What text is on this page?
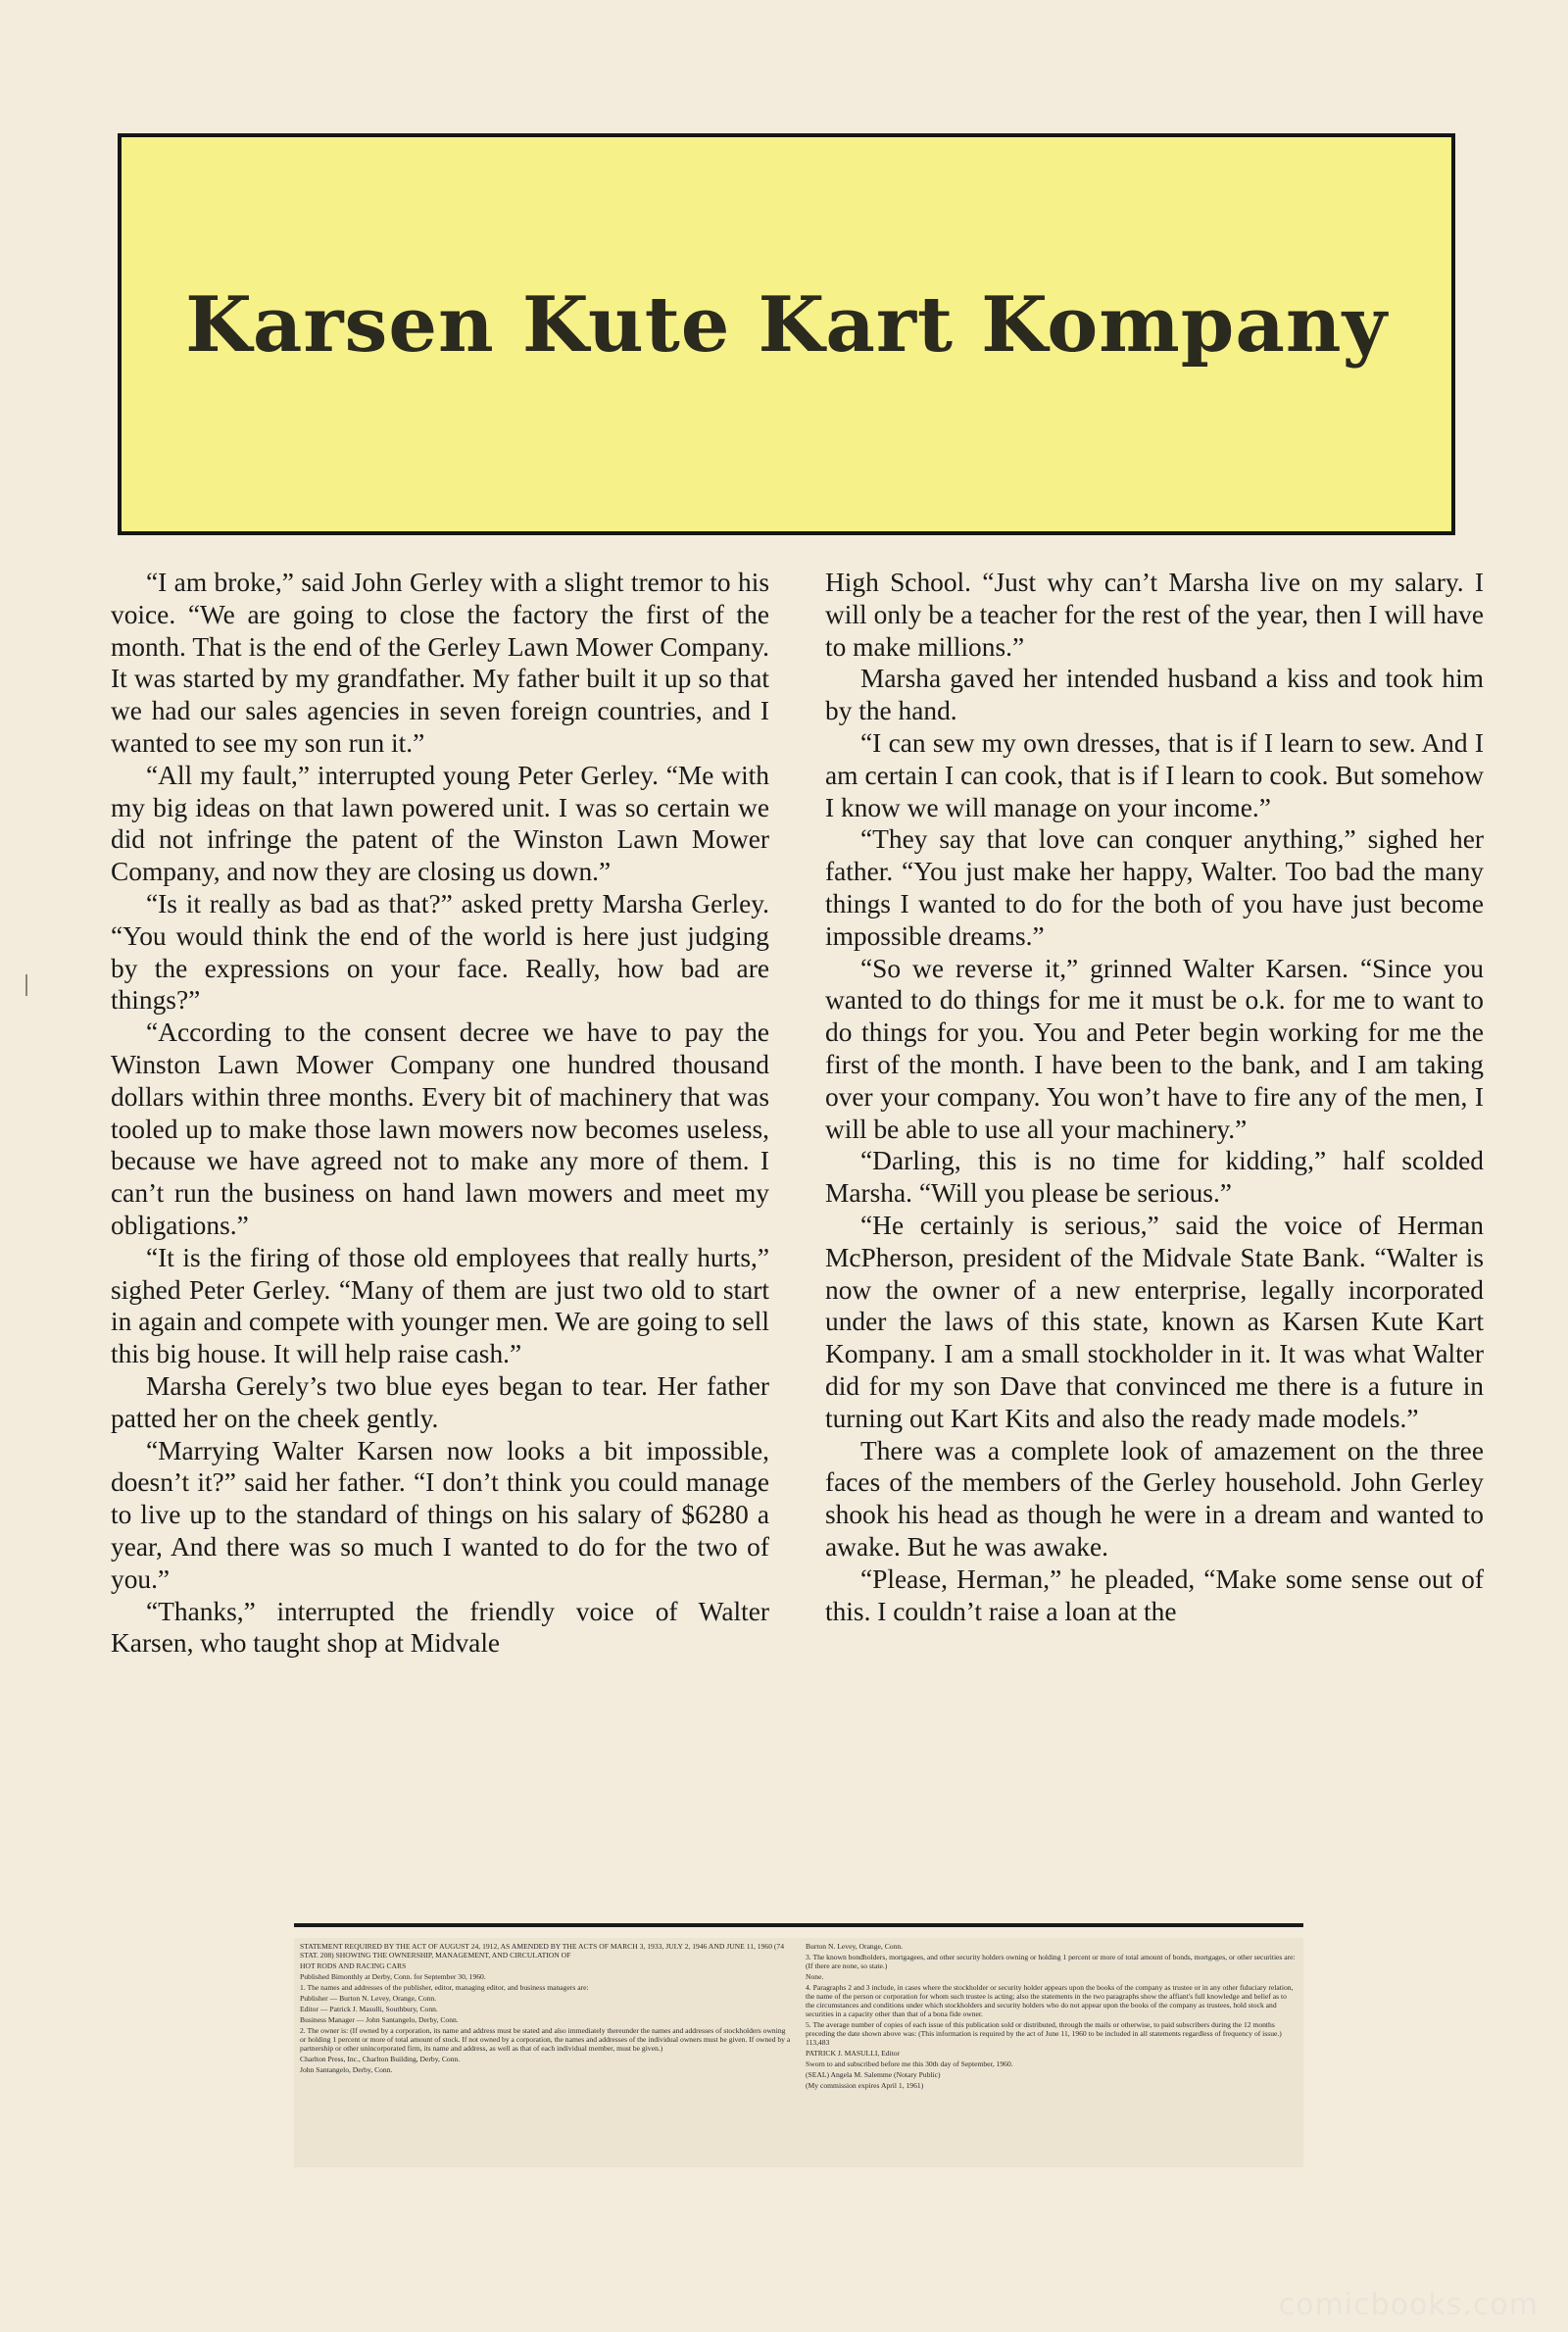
Karsen Kute Kart Kompany

“I am broke,” said John Gerley with a slight tremor to his voice. “We are going to close the factory the first of the month. That is the end of the Gerley Lawn Mower Company. It was started by my grandfather. My father built it up so that we had our sales agencies in seven foreign countries, and I wanted to see my son run it.”

“All my fault,” interrupted young Peter Gerley. “Me with my big ideas on that lawn powered unit. I was so certain we did not infringe the patent of the Winston Lawn Mower Company, and now they are closing us down.”

“Is it really as bad as that?” asked pretty Marsha Gerley. “You would think the end of the world is here just judging by the expressions on your face. Really, how bad are things?”

“According to the consent decree we have to pay the Winston Lawn Mower Company one hundred thousand dollars within three months. Every bit of machinery that was tooled up to make those lawn mowers now becomes useless, because we have agreed not to make any more of them. I can’t run the business on hand lawn mowers and meet my obligations.”

“It is the firing of those old employees that really hurts,” sighed Peter Gerley. “Many of them are just two old to start in again and compete with younger men. We are going to sell this big house. It will help raise cash.”

Marsha Gerely’s two blue eyes began to tear. Her father patted her on the cheek gently.

“Marrying Walter Karsen now looks a bit impossible, doesn’t it?” said her father. “I don’t think you could manage to live up to the standard of things on his salary of $6280 a year, And there was so much I wanted to do for the two of you.”

“Thanks,” interrupted the friendly voice of Walter Karsen, who taught shop at Midvale

High School. “Just why can’t Marsha live on my salary. I will only be a teacher for the rest of the year, then I will have to make millions.”

Marsha gaved her intended husband a kiss and took him by the hand.

“I can sew my own dresses, that is if I learn to sew. And I am certain I can cook, that is if I learn to cook. But somehow I know we will manage on your income.”

“They say that love can conquer anything,” sighed her father. “You just make her happy, Walter. Too bad the many things I wanted to do for the both of you have just become impossible dreams.”

“So we reverse it,” grinned Walter Karsen. “Since you wanted to do things for me it must be o.k. for me to want to do things for you. You and Peter begin working for me the first of the month. I have been to the bank, and I am taking over your company. You won’t have to fire any of the men, I will be able to use all your machinery.”

“Darling, this is no time for kidding,” half scolded Marsha. “Will you please be serious.”

“He certainly is serious,” said the voice of Herman McPherson, president of the Midvale State Bank. “Walter is now the owner of a new enterprise, legally incorporated under the laws of this state, known as Karsen Kute Kart Kompany. I am a small stockholder in it. It was what Walter did for my son Dave that convinced me there is a future in turning out Kart Kits and also the ready made models.”

There was a complete look of amazement on the three faces of the members of the Gerley household. John Gerley shook his head as though he were in a dream and wanted to awake. But he was awake.

“Please, Herman,” he pleaded, “Make some sense out of this. I couldn’t raise a loan at the

STATEMENT REQUIRED BY THE ACT OF AUGUST 24, 1912, AS AMENDED BY THE ACTS OF MARCH 3, 1933, JULY 2, 1946 AND JUNE 11, 1960 (74 STAT. 208) SHOWING THE OWNERSHIP, MANAGEMENT, AND CIRCULATION OF

HOT RODS AND RACING CARS

Published Bimonthly at Derby, Conn. for September 30, 1960.

1. The names and addresses of the publisher, editor, managing editor, and business managers are:

Publisher — Burton N. Levey, Orange, Conn.

Editor — Patrick J. Masulli, Southbury, Conn.

Business Manager — John Santangelo, Derby, Conn.

2. The owner is: (If owned by a corporation, its name and address must be stated and also immediately thereunder the names and addresses of stockholders owning or holding 1 percent or more of total amount of stock. If not owned by a corporation, the names and addresses of the individual owners must be given. If owned by a partnership or other unincorporated firm, its name and address, as well as that of each individual member, must be given.)

Charlton Press, Inc., Charlton Building, Derby, Conn.

John Santangelo, Derby, Conn.

Burton N. Levey, Orange, Conn.

3. The known bondholders, mortgagees, and other security holders owning or holding 1 percent or more of total amount of bonds, mortgages, or other securities are: (If there are none, so state.)

None.

4. Paragraphs 2 and 3 include, in cases where the stockholder or security holder appears upon the books of the company as trustee or in any other fiduciary relation, the name of the person or corporation for whom such trustee is acting; also the statements in the two paragraphs show the affiant's full knowledge and belief as to the circumstances and conditions under which stockholders and security holders who do not appear upon the books of the company as trustees, hold stock and securities in a capacity other than that of a bona fide owner.

5. The average number of copies of each issue of this publication sold or distributed, through the mails or otherwise, to paid subscribers during the 12 months preceding the date shown above was: (This information is required by the act of June 11, 1960 to be included in all statements regardless of frequency of issue.) 113,483

PATRICK J. MASULLI, Editor

Sworn to and subscribed before me this 30th day of September, 1960.

(SEAL) Angela M. Salemme (Notary Public)

(My commission expires April 1, 1961)

comicbooks.com
